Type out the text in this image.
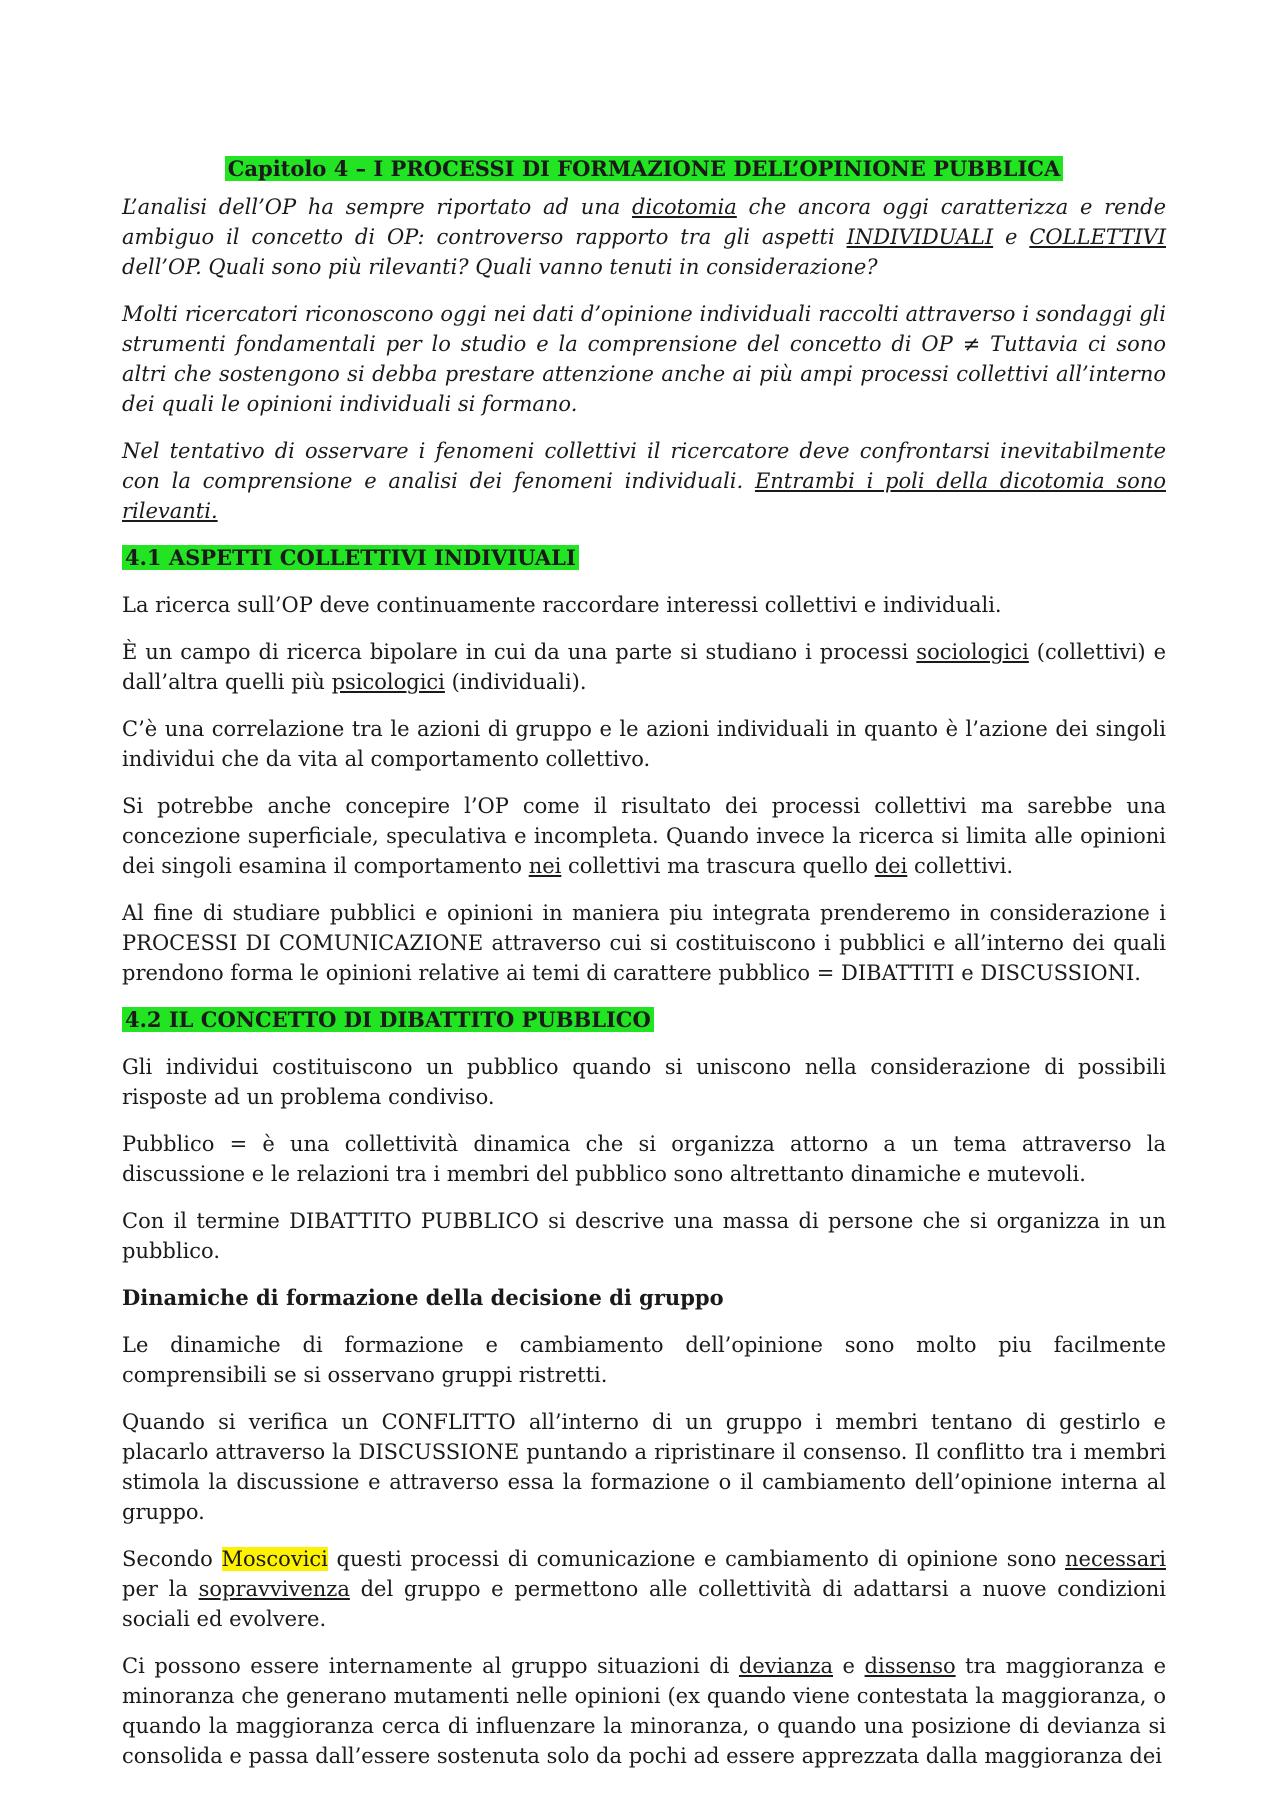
Capitolo 4 – I PROCESSI DI FORMAZIONE DELL’OPINIONE PUBBLICA

L’analisi dell’OP ha sempre riportato ad una dicotomia che ancora oggi caratterizza e rende ambiguo il concetto di OP: controverso rapporto tra gli aspetti INDIVIDUALI e COLLETTIVI dell’OP. Quali sono più rilevanti? Quali vanno tenuti in considerazione?

Molti ricercatori riconoscono oggi nei dati d’opinione individuali raccolti attraverso i sondaggi gli strumenti fondamentali per lo studio e la comprensione del concetto di OP ≠ Tuttavia ci sono altri che sostengono si debba prestare attenzione anche ai più ampi processi collettivi all’interno dei quali le opinioni individuali si formano.

Nel tentativo di osservare i fenomeni collettivi il ricercatore deve confrontarsi inevitabilmente con la comprensione e analisi dei fenomeni individuali. Entrambi i poli della dicotomia sono rilevanti.

4.1 ASPETTI COLLETTIVI INDIVIUALI

La ricerca sull’OP deve continuamente raccordare interessi collettivi e individuali.

È un campo di ricerca bipolare in cui da una parte si studiano i processi sociologici (collettivi) e dall’altra quelli più psicologici (individuali).

C’è una correlazione tra le azioni di gruppo e le azioni individuali in quanto è l’azione dei singoli individui che da vita al comportamento collettivo.

Si potrebbe anche concepire l’OP come il risultato dei processi collettivi ma sarebbe una concezione superficiale, speculativa e incompleta. Quando invece la ricerca si limita alle opinioni dei singoli esamina il comportamento nei collettivi ma trascura quello dei collettivi.

Al fine di studiare pubblici e opinioni in maniera piu integrata prenderemo in considerazione i PROCESSI DI COMUNICAZIONE attraverso cui si costituiscono i pubblici e all’interno dei quali prendono forma le opinioni relative ai temi di carattere pubblico = DIBATTITI e DISCUSSIONI.

4.2 IL CONCETTO DI DIBATTITO PUBBLICO

Gli individui costituiscono un pubblico quando si uniscono nella considerazione di possibili risposte ad un problema condiviso.

Pubblico = è una collettività dinamica che si organizza attorno a un tema attraverso la discussione e le relazioni tra i membri del pubblico sono altrettanto dinamiche e mutevoli.

Con il termine DIBATTITO PUBBLICO si descrive una massa di persone che si organizza in un pubblico.

Dinamiche di formazione della decisione di gruppo

Le dinamiche di formazione e cambiamento dell’opinione sono molto piu facilmente comprensibili se si osservano gruppi ristretti.

Quando si verifica un CONFLITTO all’interno di un gruppo i membri tentano di gestirlo e placarlo attraverso la DISCUSSIONE puntando a ripristinare il consenso. Il conflitto tra i membri stimola la discussione e attraverso essa la formazione o il cambiamento dell’opinione interna al gruppo.

Secondo Moscovici questi processi di comunicazione e cambiamento di opinione sono necessari per la sopravvivenza del gruppo e permettono alle collettività di adattarsi a nuove condizioni sociali ed evolvere.

Ci possono essere internamente al gruppo situazioni di devianza e dissenso tra maggioranza e minoranza che generano mutamenti nelle opinioni (ex quando viene contestata la maggioranza, o quando la maggioranza cerca di influenzare la minoranza, o quando una posizione di devianza si consolida e passa dall’essere sostenuta solo da pochi ad essere apprezzata dalla maggioranza dei
